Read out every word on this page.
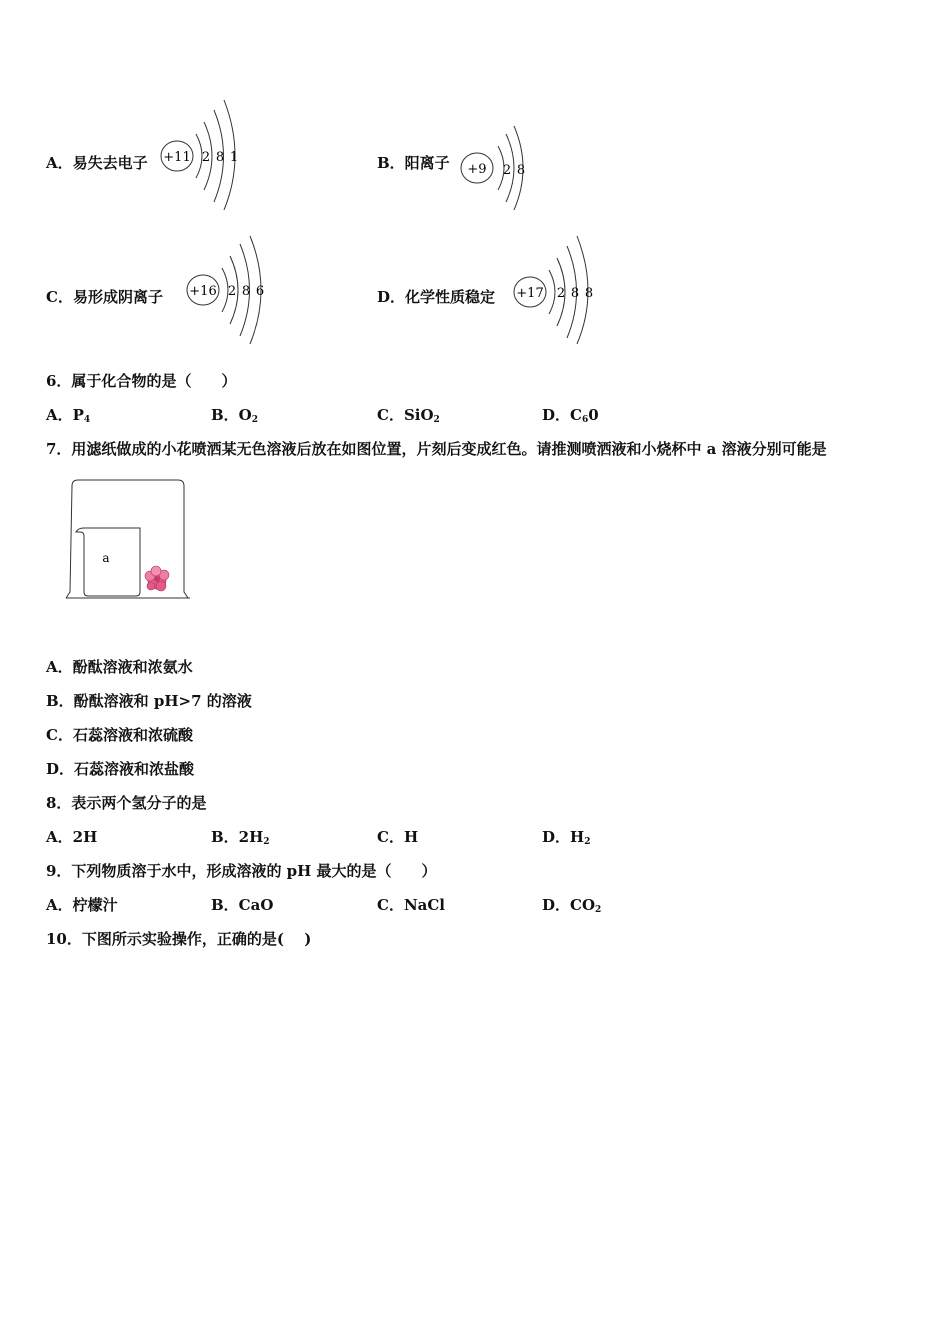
A．易失去电子 +11 2 8 1	B．阳离子 +9 2 8
C．易形成阴离子 +16 2 8 6	D．化学性质稳定 +17 2 8 8
6．属于化合物的是（　　）
A．$P_4$	B．$O_2$	C．SiO$_2$	D．$C_60$
7．用滤纸做成的小花喷洒某无色溶液后放在如图位置，片刻后变成红色。请推测喷洒液和小烧杯中 a 溶液分别可能是
a
A．酚酞溶液和浓氨水
B．酚酞溶液和 pH>7 的溶液
C．石蕊溶液和浓硫酸
D．石蕊溶液和浓盐酸
8．表示两个氢分子的是
A．2H	B．$2H_2$	C．H	D．$H_2$
9．下列物质溶于水中，形成溶液的 pH 最大的是（　　）
A．柠檬汁	B．CaO	C．NaCl	D．$CO_2$
10．下图所示实验操作，正确的是(　 )
